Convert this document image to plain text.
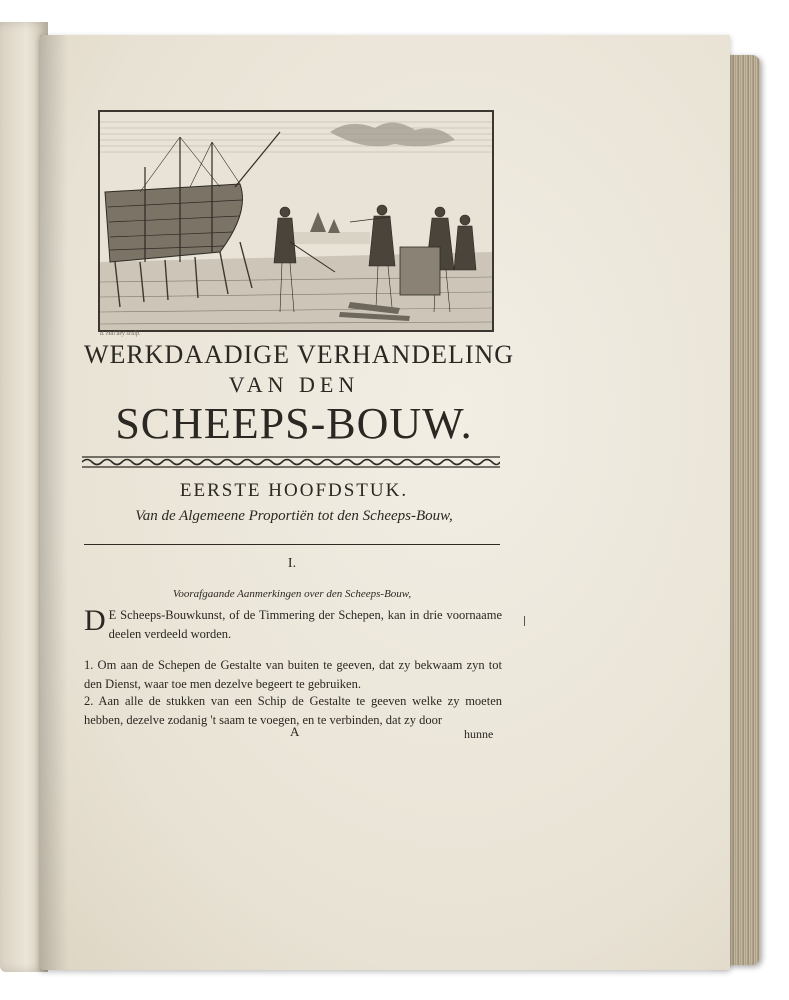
d. Hal dey sculp.
WERKDAADIGE VERHANDELING
VAN DEN
SCHEEPS-BOUW.
EERSTE HOOFDSTUK.
Van de Algemeene Proportiën tot den Scheeps-Bouw,
I.
Voorafgaande Aanmerkingen over den Scheeps-Bouw,
D E Scheeps-Bouwkunst, of de Timmering der Schepen, kan in drie voornaame deelen verdeeld worden.
1. Om aan de Schepen de Gestalte van buiten te geeven, dat zy bekwaam zyn tot den Dienst, waar toe men dezelve begeert te gebruiken.
2. Aan alle de stukken van een Schip de Gestalte te geeven welke zy moeten hebben, dezelve zodanig 't saam te voegen, en te verbinden, dat zy door
A	hunne
